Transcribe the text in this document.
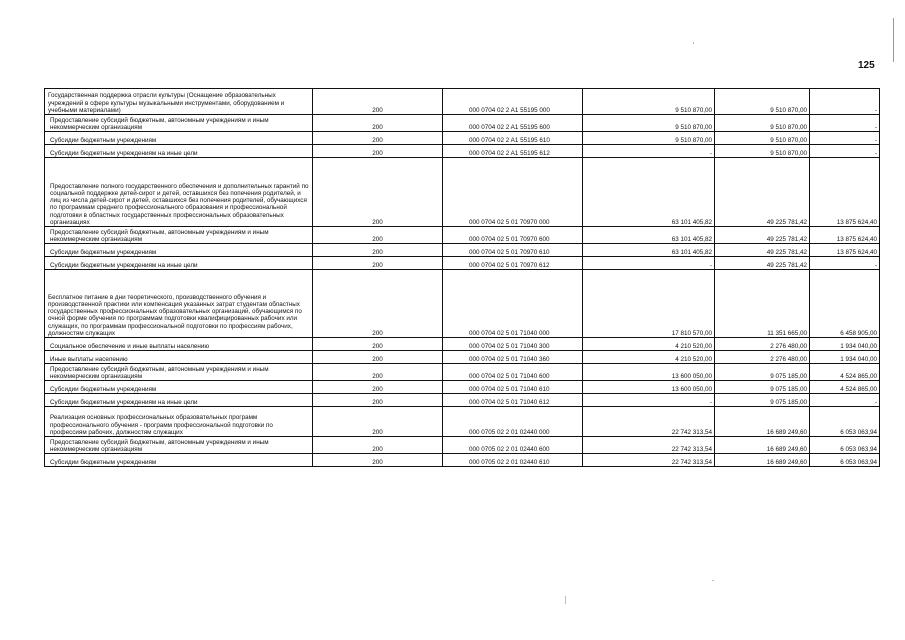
125
Государственная поддержка отрасли культуры (Оснащение образовательных учреждений в сфере культуры музыкальными инструментами, оборудованием и учебными материалами)	200	000 0704 02 2 A1 55195 000	9 510 870,00	9 510 870,00	-
Предоставление субсидий бюджетным, автономным учреждениям и иным некоммерческим организациям	200	000 0704 02 2 A1 55195 600	9 510 870,00	9 510 870,00	-
Субсидии бюджетным учреждениям	200	000 0704 02 2 A1 55195 610	9 510 870,00	9 510 870,00	-
Субсидии бюджетным учреждениям на иные цели	200	000 0704 02 2 A1 55195 612	-	9 510 870,00	-
Предоставление полного государственного обеспечения и дополнительных гарантий по социальной поддержке детей-сирот и детей, оставшихся без попечения родителей, и лиц из числа детей-сирот и детей, оставшихся без попечения родителей, обучающихся по программам среднего профессионального образования и профессиональной подготовки в областных государственных профессиональных образовательных организациях	200	000 0704 02 5 01 70970 000	63 101 405,82	49 225 781,42	13 875 624,40
Предоставление субсидий бюджетным, автономным учреждениям и иным некоммерческим организациям	200	000 0704 02 5 01 70970 600	63 101 405,82	49 225 781,42	13 875 624,40
Субсидии бюджетным учреждениям	200	000 0704 02 5 01 70970 610	63 101 405,82	49 225 781,42	13 875 624,40
Субсидии бюджетным учреждениям на иные цели	200	000 0704 02 5 01 70970 612	-	49 225 781,42	-
Бесплатное питание в дни теоретического, производственного обучения и производственной практики или компенсация указанных затрат студентам областных государственных профессиональных образовательных организаций, обучающимся по очной форме обучения по программам подготовки квалифицированных рабочих или служащих, по программам профессиональной подготовки по профессиям рабочих, должностям служащих	200	000 0704 02 5 01 71040 000	17 810 570,00	11 351 665,00	6 458 905,00
Социальное обеспечение и иные выплаты населению	200	000 0704 02 5 01 71040 300	4 210 520,00	2 276 480,00	1 934 040,00
Иные выплаты населению	200	000 0704 02 5 01 71040 360	4 210 520,00	2 276 480,00	1 934 040,00
Предоставление субсидий бюджетным, автономным учреждениям и иным некоммерческим организациям	200	000 0704 02 5 01 71040 600	13 600 050,00	9 075 185,00	4 524 865,00
Субсидии бюджетным учреждениям	200	000 0704 02 5 01 71040 610	13 600 050,00	9 075 185,00	4 524 865,00
Субсидии бюджетным учреждениям на иные цели	200	000 0704 02 5 01 71040 612	-	9 075 185,00	-
Реализация основных профессиональных образовательных программ профессионального обучения - программ профессиональной подготовки по профессиям рабочих, должностям служащих	200	000 0705 02 2 01 02440 000	22 742 313,54	16 689 249,60	6 053 063,94
Предоставление субсидий бюджетным, автономным учреждениям и иным некоммерческим организациям	200	000 0705 02 2 01 02440 600	22 742 313,54	16 689 249,60	6 053 063,94
Субсидии бюджетным учреждениям	200	000 0705 02 2 01 02440 610	22 742 313,54	16 689 249,60	6 053 063,94
